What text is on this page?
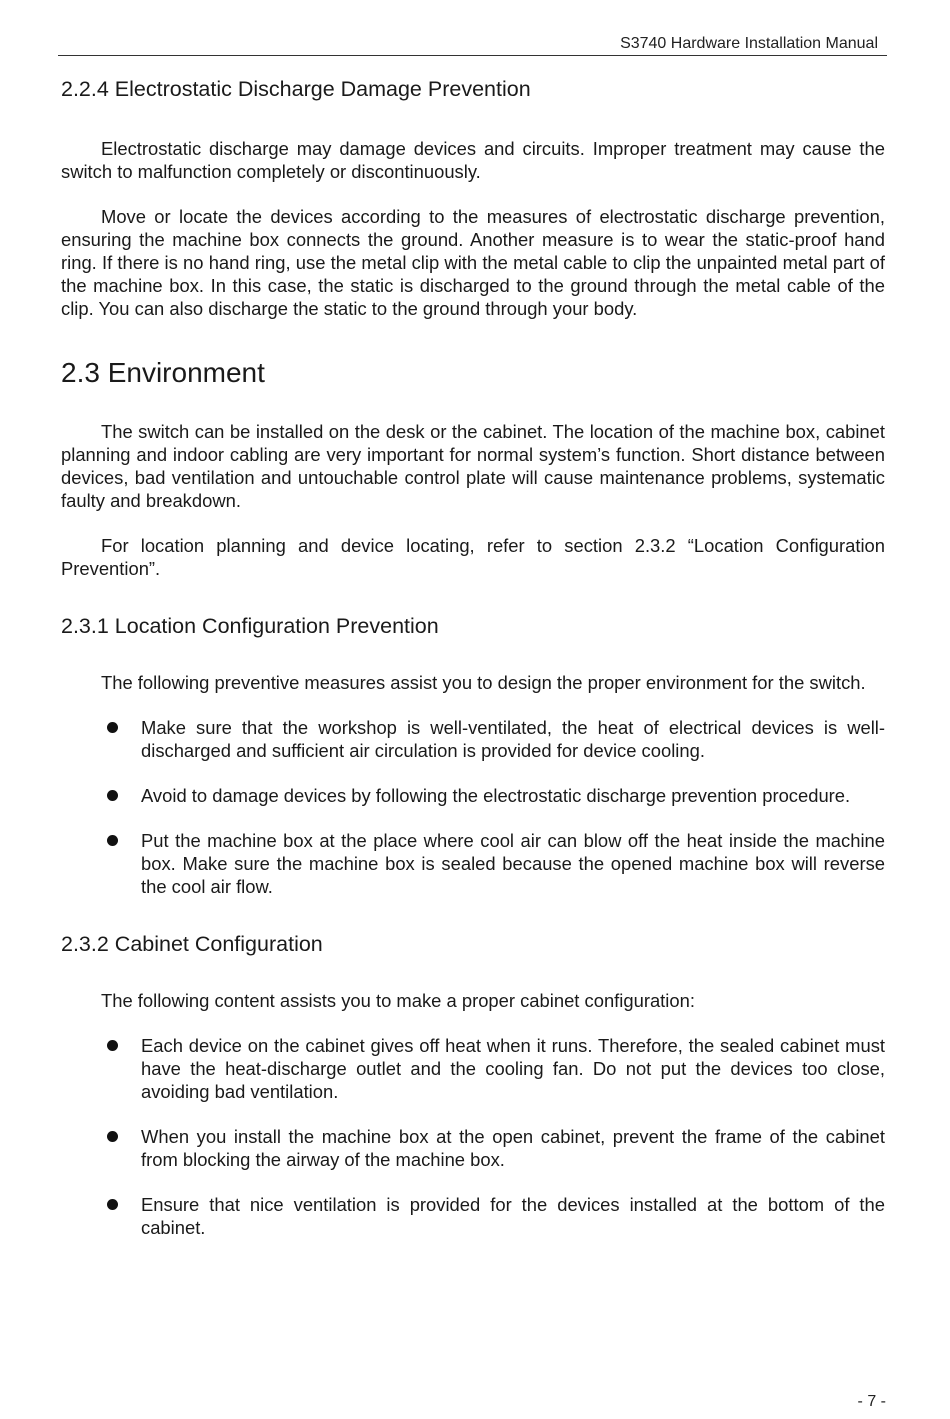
S3740 Hardware Installation Manual
2.2.4 Electrostatic Discharge Damage Prevention

Electrostatic discharge may damage devices and circuits. Improper treatment may cause the switch to malfunction completely or discontinuously.

Move or locate the devices according to the measures of electrostatic discharge prevention, ensuring the machine box connects the ground. Another measure is to wear the static-proof hand ring. If there is no hand ring, use the metal clip with the metal cable to clip the unpainted metal part of the machine box. In this case, the static is discharged to the ground through the metal cable of the clip. You can also discharge the static to the ground through your body.

2.3 Environment

The switch can be installed on the desk or the cabinet. The location of the machine box, cabinet planning and indoor cabling are very important for normal system’s function. Short distance between devices, bad ventilation and untouchable control plate will cause maintenance problems, systematic faulty and breakdown.

For location planning and device locating, refer to section 2.3.2 “Location Configuration Prevention”.

2.3.1 Location Configuration Prevention

The following preventive measures assist you to design the proper environment for the switch.

Make sure that the workshop is well-ventilated, the heat of electrical devices is well-discharged and sufficient air circulation is provided for device cooling.
Avoid to damage devices by following the electrostatic discharge prevention procedure.
Put the machine box at the place where cool air can blow off the heat inside the machine box. Make sure the machine box is sealed because the opened machine box will reverse the cool air flow.
2.3.2 Cabinet Configuration

The following content assists you to make a proper cabinet configuration:

Each device on the cabinet gives off heat when it runs. Therefore, the sealed cabinet must have the heat-discharge outlet and the cooling fan. Do not put the devices too close, avoiding bad ventilation.
When you install the machine box at the open cabinet, prevent the frame of the cabinet from blocking the airway of the machine box.
Ensure that nice ventilation is provided for the devices installed at the bottom of the cabinet.
- 7 -
